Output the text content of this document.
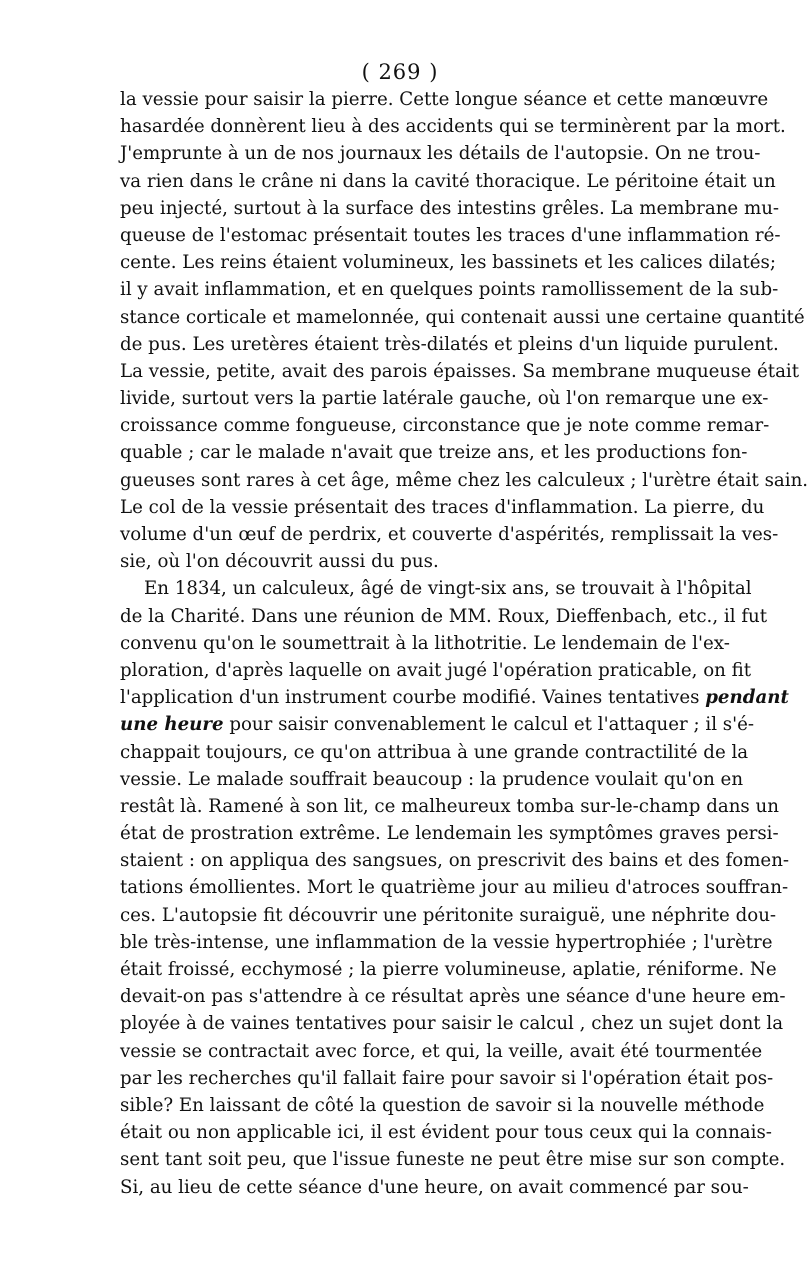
( 269 )
la vessie pour saisir la pierre. Cette longue séance et cette manœuvre
hasardée donnèrent lieu à des accidents qui se terminèrent par la mort.
J'emprunte à un de nos journaux les détails de l'autopsie. On ne trou-
va rien dans le crâne ni dans la cavité thoracique. Le péritoine était un
peu injecté, surtout à la surface des intestins grêles. La membrane mu-
queuse de l'estomac présentait toutes les traces d'une inflammation ré-
cente. Les reins étaient volumineux, les bassinets et les calices dilatés;
il y avait inflammation, et en quelques points ramollissement de la sub-
stance corticale et mamelonnée, qui contenait aussi une certaine quantité
de pus. Les uretères étaient très-dilatés et pleins d'un liquide purulent.
La vessie, petite, avait des parois épaisses. Sa membrane muqueuse était
livide, surtout vers la partie latérale gauche, où l'on remarque une ex-
croissance comme fongueuse, circonstance que je note comme remar-
quable ; car le malade n'avait que treize ans, et les productions fon-
gueuses sont rares à cet âge, même chez les calculeux ; l'urètre était sain.
Le col de la vessie présentait des traces d'inflammation. La pierre, du
volume d'un œuf de perdrix, et couverte d'aspérités, remplissait la ves-
sie, où l'on découvrit aussi du pus.
En 1834, un calculeux, âgé de vingt-six ans, se trouvait à l'hôpital
de la Charité. Dans une réunion de MM. Roux, Dieffenbach, etc., il fut
convenu qu'on le soumettrait à la lithotritie. Le lendemain de l'ex-
ploration, d'après laquelle on avait jugé l'opération praticable, on fit
l'application d'un instrument courbe modifié. Vaines tentatives pendant
une heure pour saisir convenablement le calcul et l'attaquer ; il s'é-
chappait toujours, ce qu'on attribua à une grande contractilité de la
vessie. Le malade souffrait beaucoup : la prudence voulait qu'on en
restât là. Ramené à son lit, ce malheureux tomba sur-le-champ dans un
état de prostration extrême. Le lendemain les symptômes graves persi-
staient : on appliqua des sangsues, on prescrivit des bains et des fomen-
tations émollientes. Mort le quatrième jour au milieu d'atroces souffran-
ces. L'autopsie fit découvrir une péritonite suraiguë, une néphrite dou-
ble très-intense, une inflammation de la vessie hypertrophiée ; l'urètre
était froissé, ecchymosé ; la pierre volumineuse, aplatie, réniforme. Ne
devait-on pas s'attendre à ce résultat après une séance d'une heure em-
ployée à de vaines tentatives pour saisir le calcul , chez un sujet dont la
vessie se contractait avec force, et qui, la veille, avait été tourmentée
par les recherches qu'il fallait faire pour savoir si l'opération était pos-
sible? En laissant de côté la question de savoir si la nouvelle méthode
était ou non applicable ici, il est évident pour tous ceux qui la connais-
sent tant soit peu, que l'issue funeste ne peut être mise sur son compte.
Si, au lieu de cette séance d'une heure, on avait commencé par sou-
